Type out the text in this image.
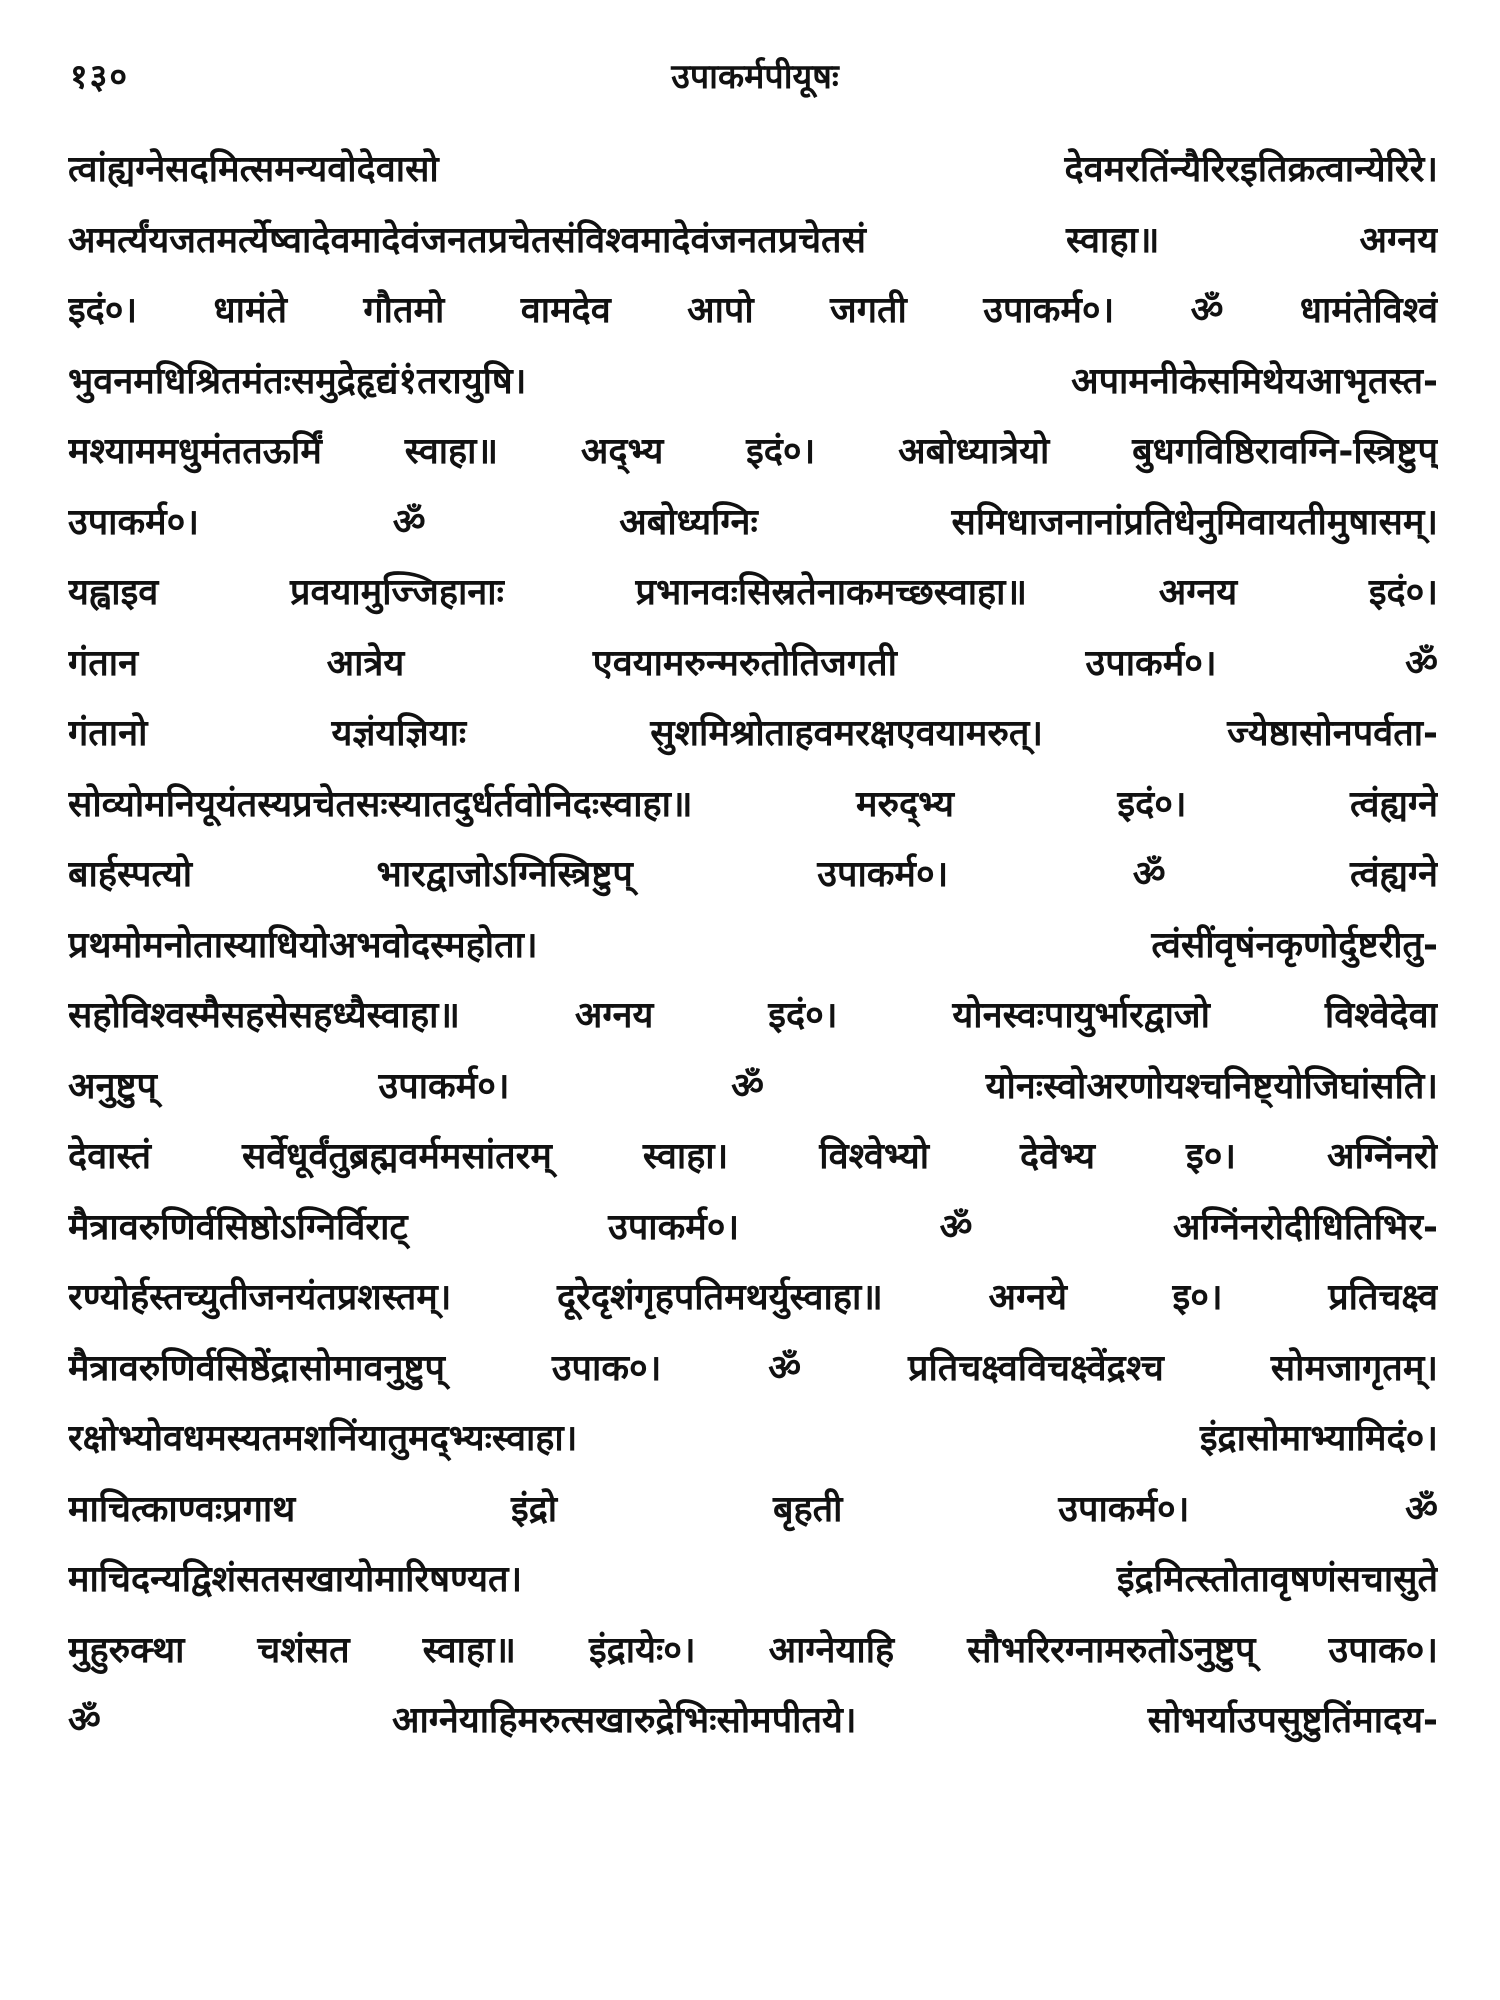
१३०	उपाकर्मपीयूषः
त्वांह्यग्नेसदमित्समन्यवोदेवासो देवमरतिंन्यैरिरइतिक्रत्वान्येरिरे।
अमर्त्यंयजतमर्त्येष्वादेवमादेवंजनतप्रचेतसंविश्वमादेवंजनतप्रचेतसं स्वाहा॥ अग्नय
इदं०। धामंते गौतमो वामदेव आपो जगती उपाकर्म०। ॐ धामंतेविश्वं
भुवनमधिश्रितमंतःसमुद्रेहृद्यं१ंतरायुषि। अपामनीकेसमिथेयआभृतस्त-
मश्याममधुमंततऊर्मिं स्वाहा॥ अद्भ्य इदं०। अबोध्यात्रेयो बुधगविष्ठिरावग्नि-स्त्रिष्टुप्
उपाकर्म०। ॐ अबोध्यग्निः समिधाजनानांप्रतिधेनुमिवायतीमुषासम्।
यह्वाइव प्रवयामुज्जिहानाः प्रभानवःसिस्रतेनाकमच्छस्वाहा॥ अग्नय इदं०।
गंतान आत्रेय एवयामरुन्मरुतोतिजगती उपाकर्म०। ॐ
गंतानो यज्ञंयज्ञियाः सुशमिश्रोताहवमरक्षएवयामरुत्। ज्येष्ठासोनपर्वता-
सोव्योमनियूयंतस्यप्रचेतसःस्यातदुर्धर्तवोनिदःस्वाहा॥ मरुद्भ्य इदं०। त्वंह्यग्ने
बार्हस्पत्यो भारद्वाजोऽग्निस्त्रिष्टुप् उपाकर्म०। ॐ त्वंह्यग्ने
प्रथमोमनोतास्याधियोअभवोदस्महोता। त्वंसींवृषंनकृणोर्दुष्टरीतु-
सहोविश्वस्मैसहसेसहध्यैस्वाहा॥ अग्नय इदं०। योनस्वःपायुर्भारद्वाजो विश्वेदेवा
अनुष्टुप् उपाकर्म०। ॐ योनःस्वोअरणोयश्चनिष्ट्योजिघांसति।
देवास्तं सर्वेधूर्वंतुब्रह्मवर्ममसांतरम् स्वाहा। विश्वेभ्यो देवेभ्य इ०। अग्निंनरो
मैत्रावरुणिर्वसिष्ठोऽग्निर्विराट् उपाकर्म०। ॐ अग्निंनरोदीधितिभिर-
रण्योर्हस्तच्युतीजनयंतप्रशस्तम्। दूरेदृशंगृहपतिमथर्युस्वाहा॥ अग्नये इ०। प्रतिचक्ष्व
मैत्रावरुणिर्वसिष्ठेंद्रासोमावनुष्टुप् उपाक०। ॐ प्रतिचक्ष्वविचक्ष्वेंद्रश्च सोमजागृतम्।
रक्षोभ्योवधमस्यतमशनिंयातुमद्भ्यःस्वाहा। इंद्रासोमाभ्यामिदं०।
माचित्काण्वःप्रगाथ इंद्रो बृहती उपाकर्म०। ॐ
माचिदन्यद्विशंसतसखायोमारिषण्यत। इंद्रमित्स्तोतावृषणंसचासुते
मुहुरुक्था चशंसत स्वाहा॥ इंद्रायेः०। आग्नेयाहि सौभरिरग्नामरुतोऽनुष्टुप् उपाक०।
ॐ आग्नेयाहिमरुत्सखारुद्रेभिःसोमपीतये। सोभर्याउपसुष्टुतिंमादय-
